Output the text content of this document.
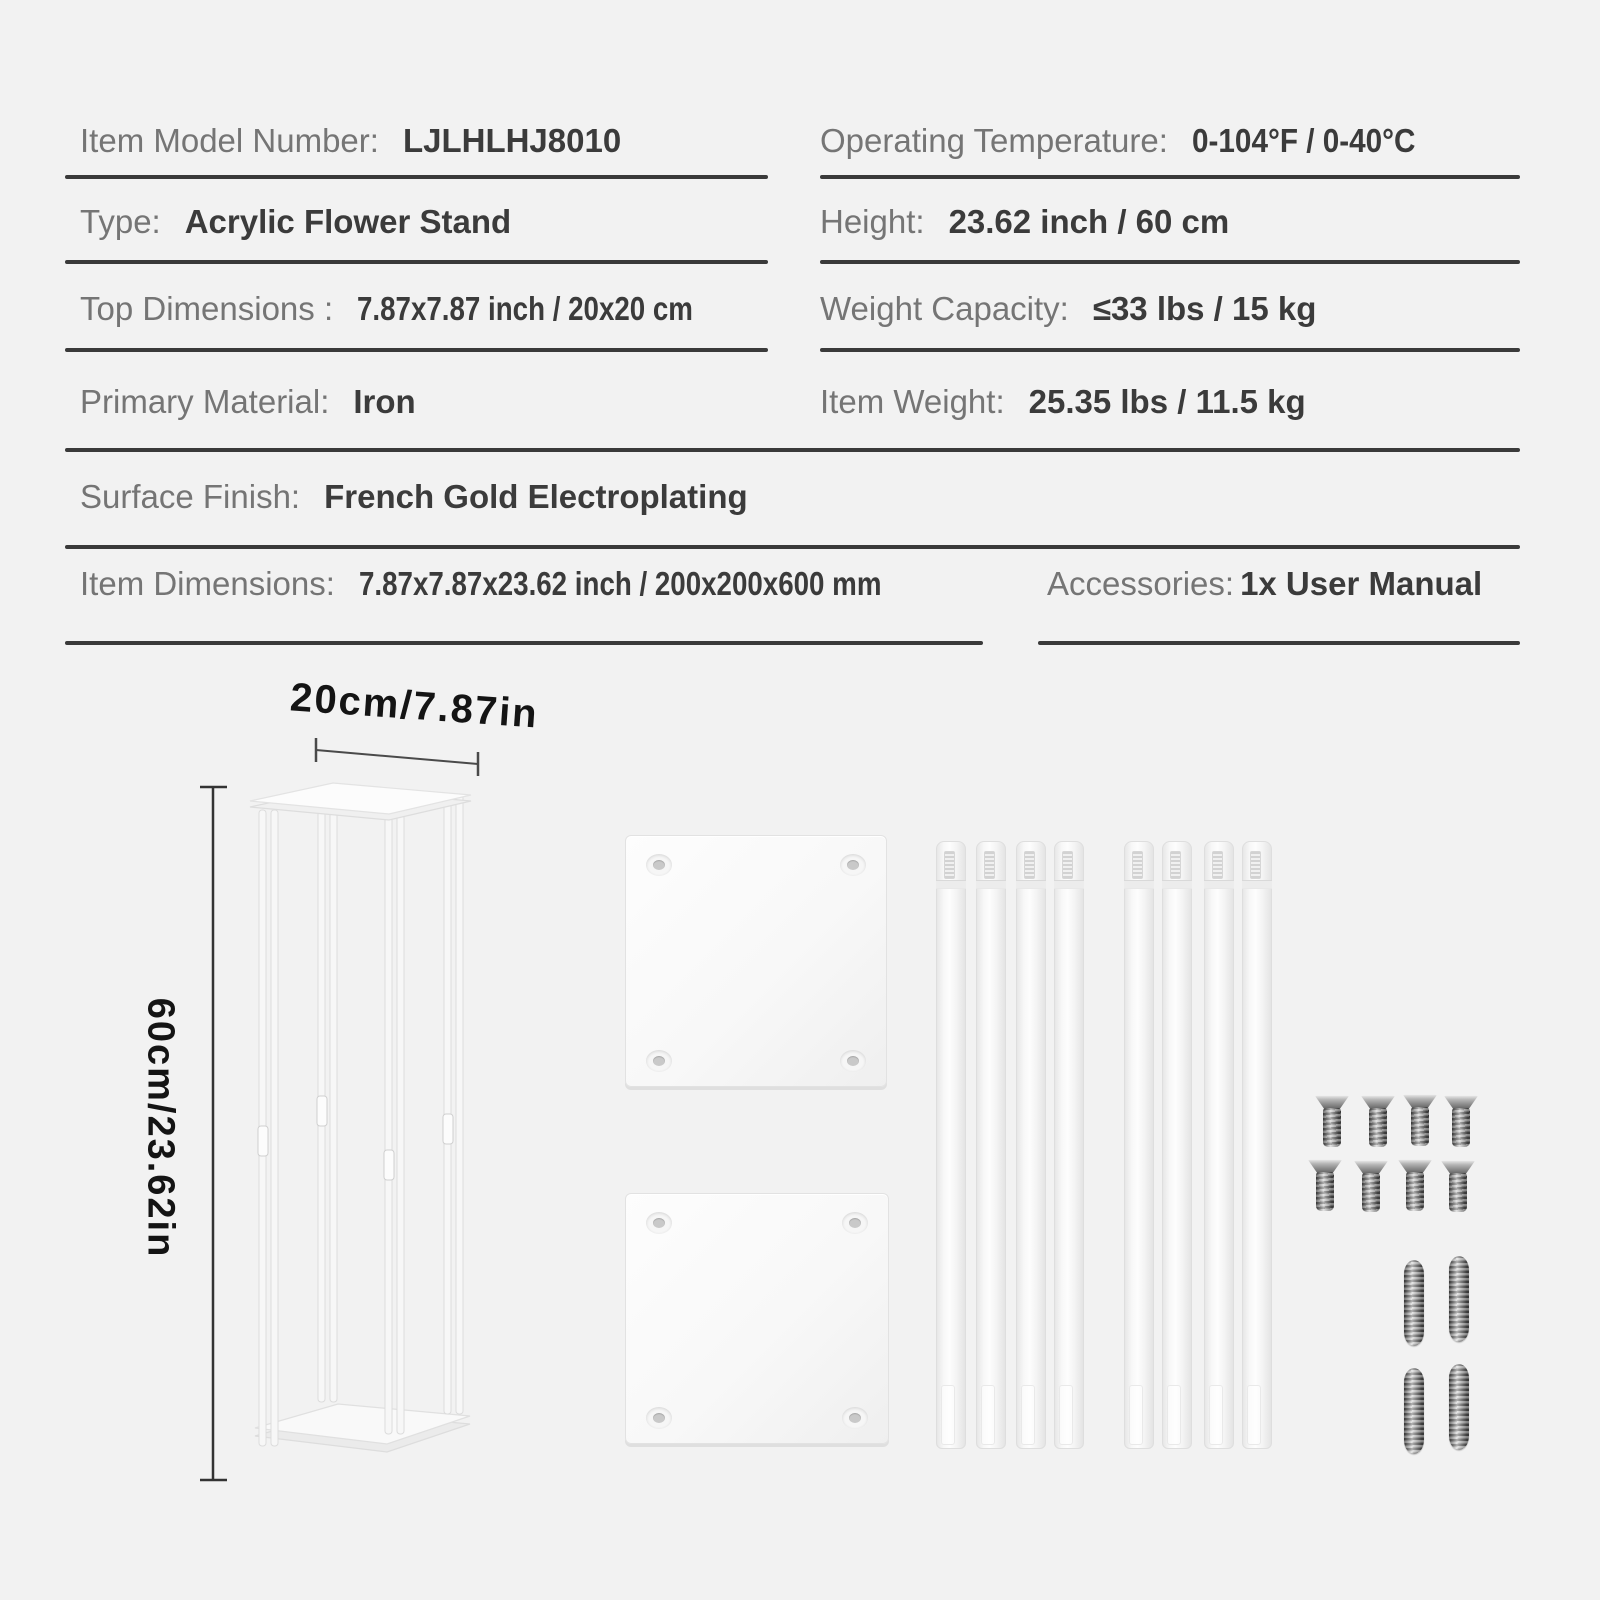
Item Model Number: LJLHLHJ8010	Operating Temperature: 0-104°F / 0-40°C
Type: Acrylic Flower Stand	Height: 23.62 inch / 60 cm
Top Dimensions : 7.87x7.87 inch / 20x20 cm	Weight Capacity: ≤33 lbs / 15 kg
Primary Material: Iron	Item Weight: 25.35 lbs / 11.5 kg
Surface Finish: French Gold Electroplating
Item Dimensions: 7.87x7.87x23.62 inch / 200x200x600 mm	Accessories: 1x User Manual
20cm/7.87in
60cm/23.62in
